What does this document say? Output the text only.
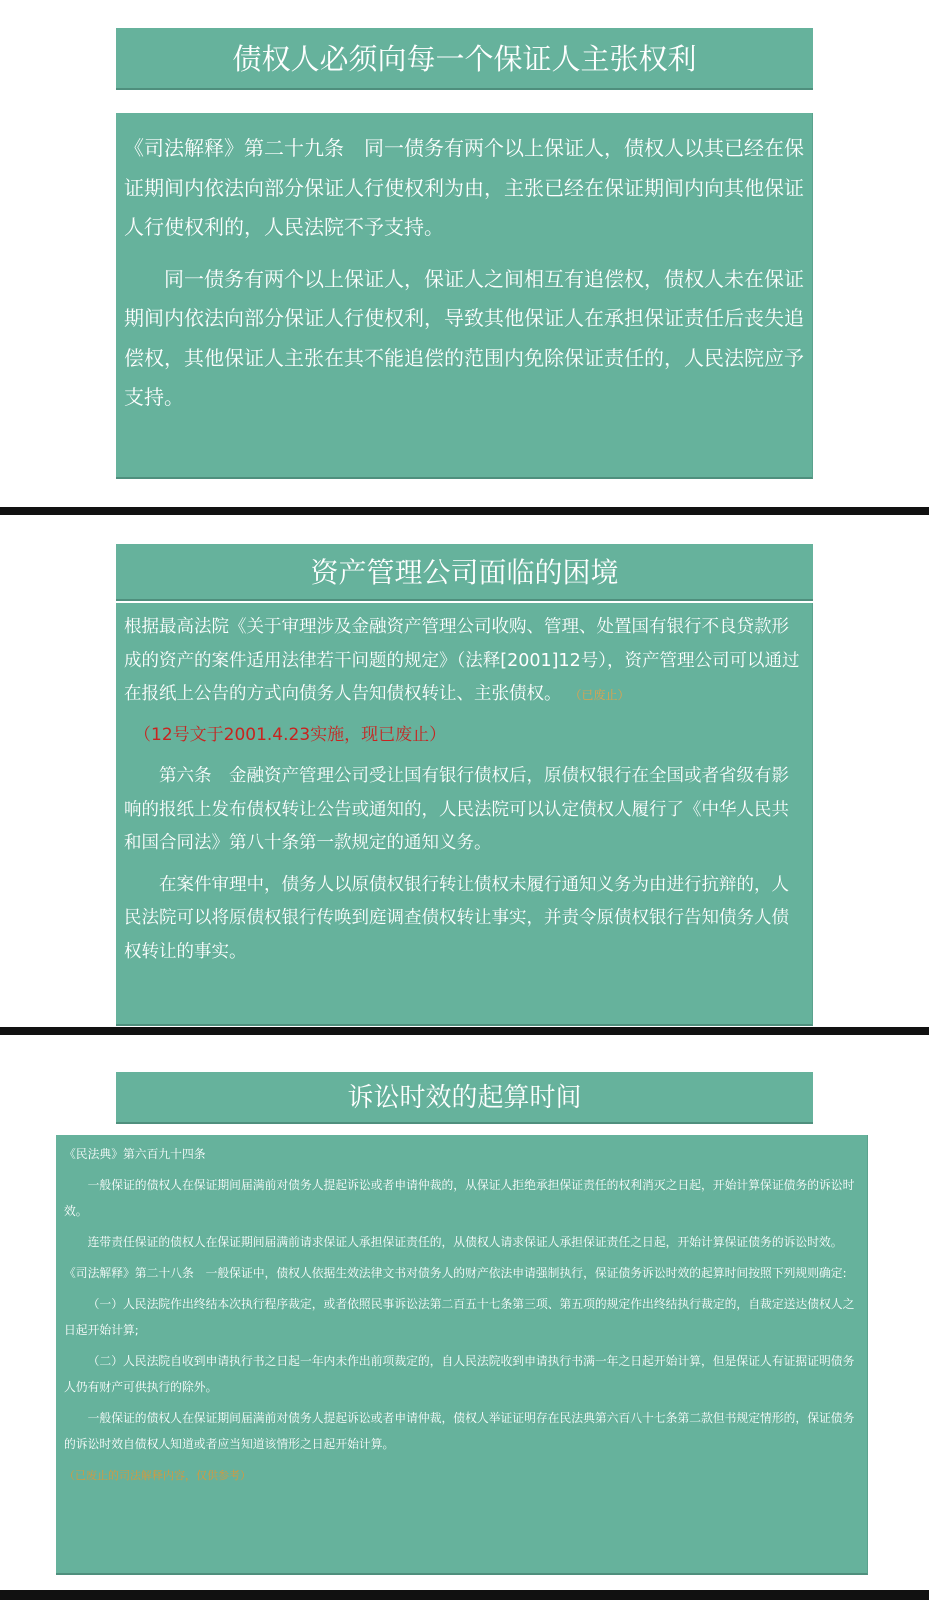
债权人必须向每一个保证人主张权利

《司法解释》第二十九条　同一债务有两个以上保证人，债权人以其已经在保证期间内依法向部分保证人行使权利为由，主张已经在保证期间内向其他保证人行使权利的，人民法院不予支持。

同一债务有两个以上保证人，保证人之间相互有追偿权，债权人未在保证期间内依法向部分保证人行使权利，导致其他保证人在承担保证责任后丧失追偿权，其他保证人主张在其不能追偿的范围内免除保证责任的，人民法院应予支持。

资产管理公司面临的困境

根据最高法院《关于审理涉及金融资产管理公司收购、管理、处置国有银行不良贷款形成的资产的案件适用法律若干问题的规定》（法释[2001]12号），资产管理公司可以通过在报纸上公告的方式向债务人告知债权转让、主张债权。 （已废止）

（12号文于2001.4.23实施，现已废止）

第六条　金融资产管理公司受让国有银行债权后，原债权银行在全国或者省级有影响的报纸上发布债权转让公告或通知的，人民法院可以认定债权人履行了《中华人民共和国合同法》第八十条第一款规定的通知义务。

在案件审理中，债务人以原债权银行转让债权未履行通知义务为由进行抗辩的，人民法院可以将原债权银行传唤到庭调查债权转让事实，并责令原债权银行告知债务人债权转让的事实。

诉讼时效的起算时间

《民法典》第六百九十四条

一般保证的债权人在保证期间届满前对债务人提起诉讼或者申请仲裁的，从保证人拒绝承担保证责任的权利消灭之日起，开始计算保证债务的诉讼时效。

连带责任保证的债权人在保证期间届满前请求保证人承担保证责任的，从债权人请求保证人承担保证责任之日起，开始计算保证债务的诉讼时效。

《司法解释》第二十八条　一般保证中，债权人依据生效法律文书对债务人的财产依法申请强制执行，保证债务诉讼时效的起算时间按照下列规则确定:

（一）人民法院作出终结本次执行程序裁定，或者依照民事诉讼法第二百五十七条第三项、第五项的规定作出终结执行裁定的，自裁定送达债权人之日起开始计算;

（二）人民法院自收到申请执行书之日起一年内未作出前项裁定的，自人民法院收到申请执行书满一年之日起开始计算，但是保证人有证据证明债务人仍有财产可供执行的除外。

一般保证的债权人在保证期间届满前对债务人提起诉讼或者申请仲裁，债权人举证证明存在民法典第六百八十七条第二款但书规定情形的，保证债务的诉讼时效自债权人知道或者应当知道该情形之日起开始计算。

（已废止的司法解释内容，仅供参考）
